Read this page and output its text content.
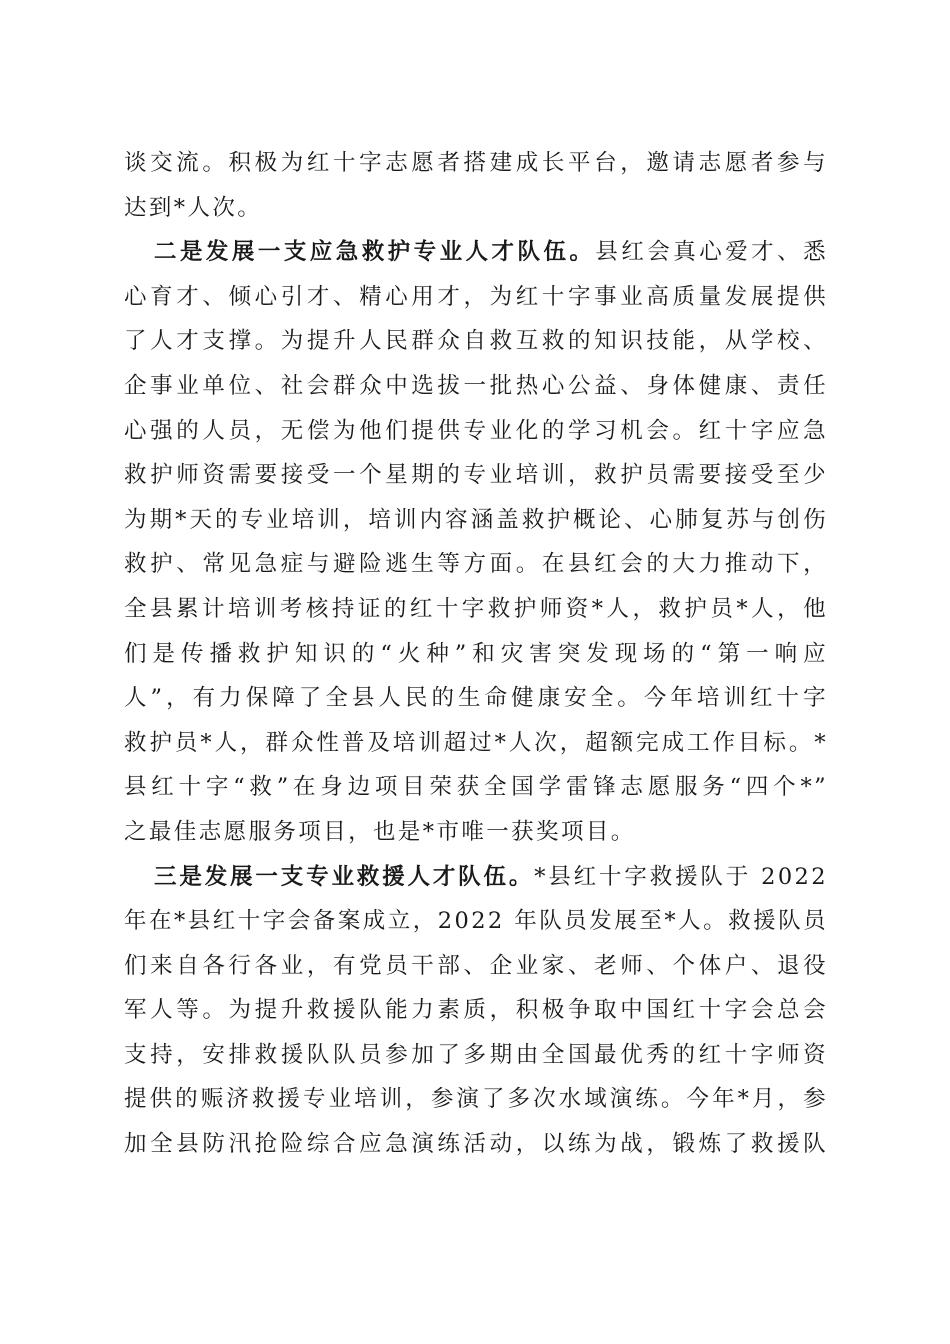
谈交流。积极为红十字志愿者搭建成长平台，邀请志愿者参与
达到*人次。
二是发展一支应急救护专业人才队伍。县红会真心爱才、悉
心育才、倾心引才、精心用才，为红十字事业高质量发展提供
了人才支撑。为提升人民群众自救互救的知识技能，从学校、
企事业单位、社会群众中选拔一批热心公益、身体健康、责任
心强的人员，无偿为他们提供专业化的学习机会。红十字应急
救护师资需要接受一个星期的专业培训，救护员需要接受至少
为期*天的专业培训，培训内容涵盖救护概论、心肺复苏与创伤
救护、常见急症与避险逃生等方面。在县红会的大力推动下，
全县累计培训考核持证的红十字救护师资*人，救护员*人，他
们是传播救护知识的“火种”和灾害突发现场的“第一响应
人”，有力保障了全县人民的生命健康安全。今年培训红十字
救护员*人，群众性普及培训超过*人次，超额完成工作目标。*
县红十字“救”在身边项目荣获全国学雷锋志愿服务“四个*”
之最佳志愿服务项目，也是*市唯一获奖项目。
三是发展一支专业救援人才队伍。*县红十字救援队于 2022
年在*县红十字会备案成立，2022 年队员发展至*人。救援队员
们来自各行各业，有党员干部、企业家、老师、个体户、退役
军人等。为提升救援队能力素质，积极争取中国红十字会总会
支持，安排救援队队员参加了多期由全国最优秀的红十字师资
提供的赈济救援专业培训，参演了多次水域演练。今年*月，参
加全县防汛抢险综合应急演练活动，以练为战，锻炼了救援队
